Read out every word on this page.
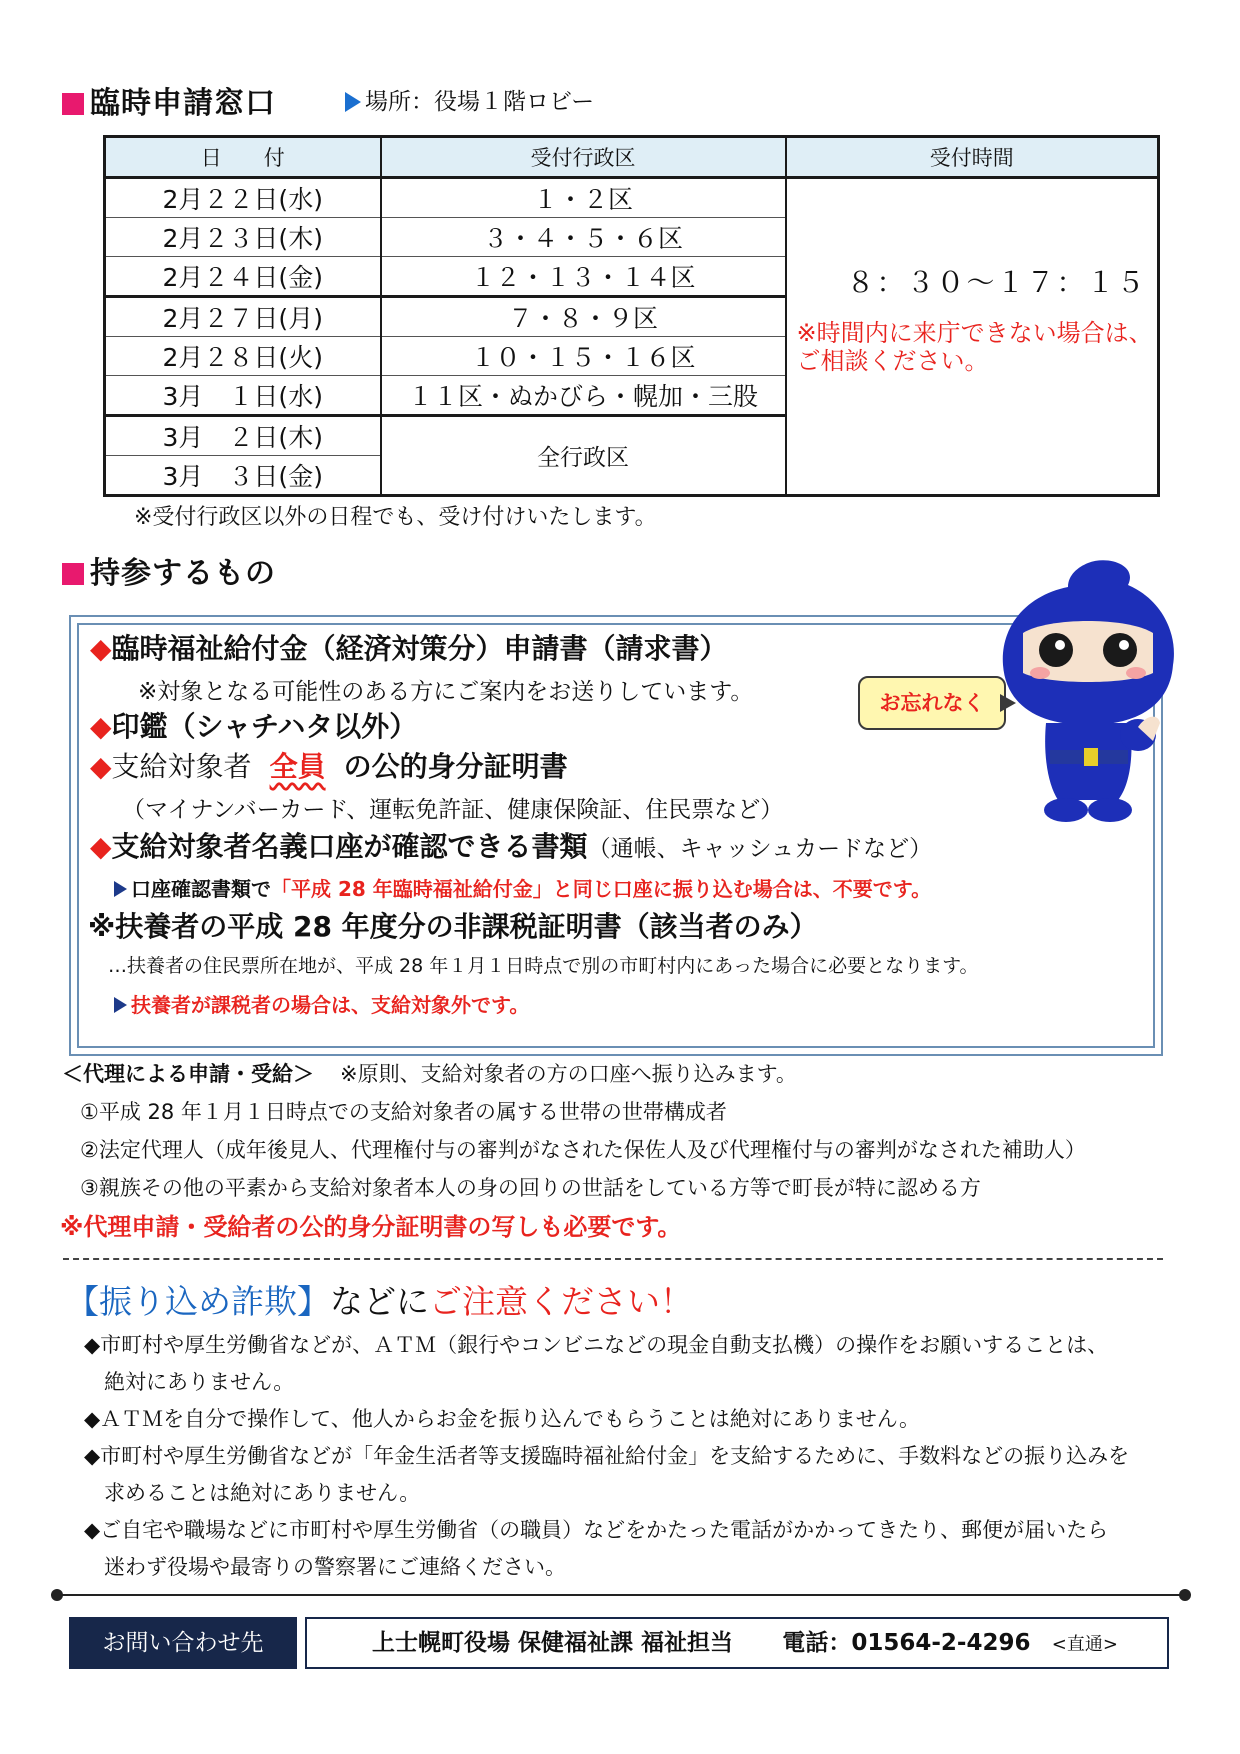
臨時申請窓口	場所：役場１階ロビー
日　　付	受付行政区	受付時間
2月２２日(水)	１・２区	８：３０～１７：１５
※時間内に来庁できない場合は、ご相談ください。

2月２３日(木)	３・４・５・６区	
2月２４日(金)	１２・１３・１４区	
2月２７日(月)	７・８・９区	
2月２８日(火)	１０・１５・１６区	
3月　１日(水)	１１区・ぬかびら・幌加・三股	
3月　２日(木)	全行政区	
3月　３日(金)		
※受付行政区以外の日程でも、受け付けいたします。
持参するもの
◆臨時福祉給付金（経済対策分）申請書（請求書）
※対象となる可能性のある方にご案内をお送りしています。
◆印鑑（シャチハタ以外）
◆支給対象者 全員 の公的身分証明書
（マイナンバーカード、運転免許証、健康保険証、住民票など）
◆支給対象者名義口座が確認できる書類（通帳、キャッシュカードなど）
口座確認書類で「平成 28 年臨時福祉給付金」と同じ口座に振り込む場合は、不要です。
※扶養者の平成 28 年度分の非課税証明書（該当者のみ）
…扶養者の住民票所在地が、平成 28 年１月１日時点で別の市町村内にあった場合に必要となります。
扶養者が課税者の場合は、支給対象外です。
お忘れなく
＜代理による申請・受給＞ ※原則、支給対象者の方の口座へ振り込みます。
①平成 28 年１月１日時点での支給対象者の属する世帯の世帯構成者
②法定代理人（成年後見人、代理権付与の審判がなされた保佐人及び代理権付与の審判がなされた補助人）
③親族その他の平素から支給対象者本人の身の回りの世話をしている方等で町長が特に認める方
※代理申請・受給者の公的身分証明書の写しも必要です。
【振り込め詐欺】などにご注意ください！
◆市町村や厚生労働省などが、ＡＴＭ（銀行やコンビニなどの現金自動支払機）の操作をお願いすることは、
絶対にありません。
◆ＡＴＭを自分で操作して、他人からお金を振り込んでもらうことは絶対にありません。
◆市町村や厚生労働省などが「年金生活者等支援臨時福祉給付金」を支給するために、手数料などの振り込みを
求めることは絶対にありません。
◆ご自宅や職場などに市町村や厚生労働省（の職員）などをかたった電話がかかってきたり、郵便が届いたら
迷わず役場や最寄りの警察署にご連絡ください。
お問い合わせ先	上士幌町役場 保健福祉課 福祉担当 電話：01564-2-4296 <直通>
